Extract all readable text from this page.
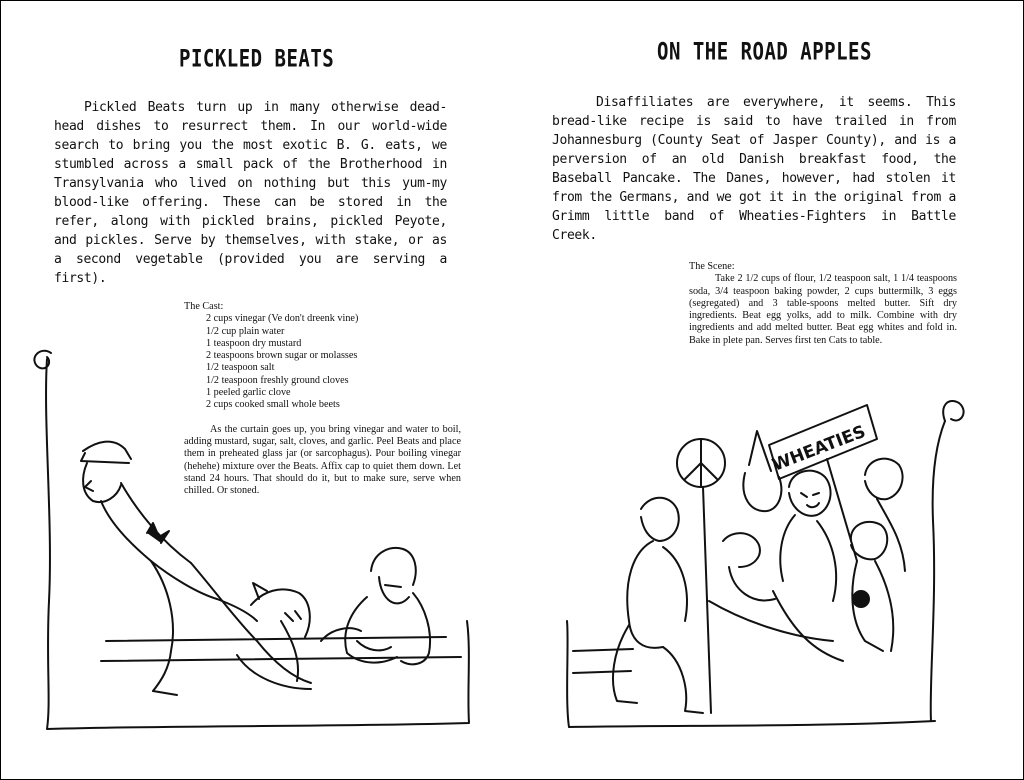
PICKLED BEATS

Pickled Beats turn up in many otherwise dead-head dishes to resurrect them. In our world-wide search to bring you the most exotic B. G. eats, we stumbled across a small pack of the Brotherhood in Transylvania who lived on nothing but this yum-my blood-like offering. These can be stored in the refer, along with pickled brains, pickled Peyote, and pickles. Serve by themselves, with stake, or as a second vegetable (provided you are serving a first).

The Cast:

2 cups vinegar (Ve don't dreenk vine)
1/2 cup plain water
1 teaspoon dry mustard
2 teaspoons brown sugar or molasses
1/2 teaspoon salt
1/2 teaspoon freshly ground cloves
1 peeled garlic clove
2 cups cooked small whole beets

As the curtain goes up, you bring vinegar and water to boil, adding mustard, sugar, salt, cloves, and garlic. Peel Beats and place them in preheated glass jar (or sarcophagus). Pour boiling vinegar (hehehe) mixture over the Beats. Affix cap to quiet them down. Let stand 24 hours. That should do it, but to make sure, serve when chilled. Or stoned.

WHEATIES
ON THE ROAD APPLES

Disaffiliates are everywhere, it seems. This bread-like recipe is said to have trailed in from Johannesburg (County Seat of Jasper County), and is a perversion of an old Danish breakfast food, the Baseball Pancake. The Danes, however, had stolen it from the Germans, and we got it in the original from a Grimm little band of Wheaties-Fighters in Battle Creek.

The Scene:

Take 2 1/2 cups of flour, 1/2 teaspoon salt, 1 1/4 teaspoons soda, 3/4 teaspoon baking powder, 2 cups buttermilk, 3 eggs (segregated) and 3 table-spoons melted butter. Sift dry ingredients. Beat egg yolks, add to milk. Combine with dry ingredients and add melted butter. Beat egg whites and fold in. Bake in plete pan. Serves first ten Cats to table.
